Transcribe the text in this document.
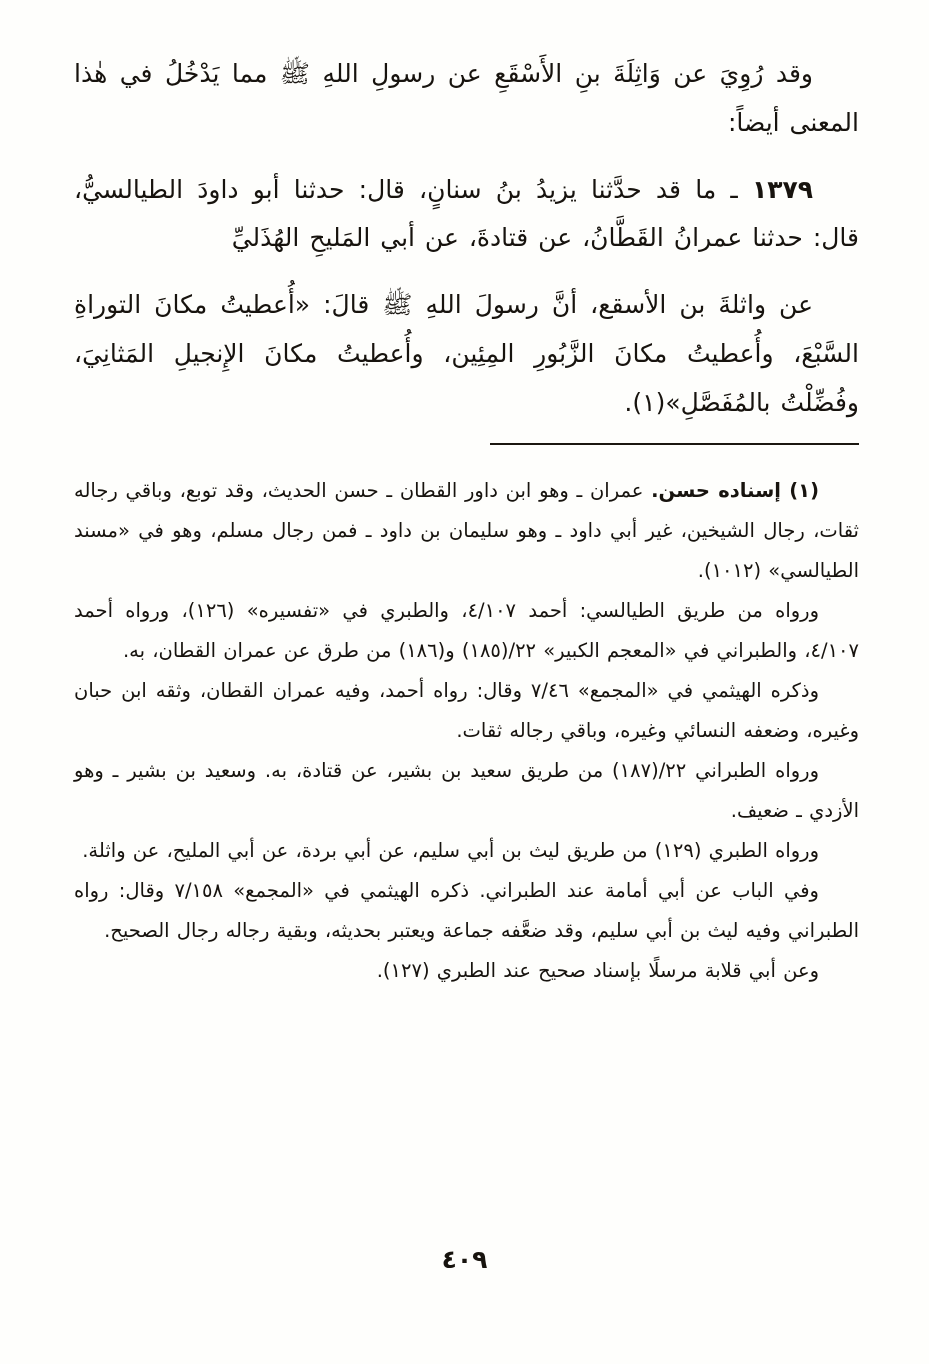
وقد رُوِيَ عن وَاثِلَةَ بنِ الأَسْقَعِ عن رسولِ اللهِ ﷺ مما يَدْخُلُ في هٰذا المعنى أيضاً:

١٣٧٩ ـ ما قد حدَّثنا يزيدُ بنُ سنانٍ، قال: حدثنا أبو داودَ الطيالسيُّ، قال: حدثنا عمرانُ القَطَّانُ، عن قتادةَ، عن أبي المَليحِ الهُذَليِّ

عن واثلةَ بن الأسقع، أنَّ رسولَ اللهِ ﷺ قالَ: «أُعطيتُ مكانَ التوراةِ السَّبْعَ، وأُعطيتُ مكانَ الزَّبُورِ المِئِين، وأُعطيتُ مكانَ الإِنجيلِ المَثانِيَ، وفُضِّلْتُ بالمُفَصَّلِ»(١).

(١) إسناده حسن. عمران ـ وهو ابن داور القطان ـ حسن الحديث، وقد توبع، وباقي رجاله ثقات، رجال الشيخين، غير أبي داود ـ وهو سليمان بن داود ـ فمن رجال مسلم، وهو في «مسند الطيالسي» (١٠١٢).

ورواه من طريق الطيالسي: أحمد ٤/١٠٧، والطبري في «تفسيره» (١٢٦)، ورواه أحمد ٤/١٠٧، والطبراني في «المعجم الكبير» ٢٢/(١٨٥) و(١٨٦) من طرق عن عمران القطان، به.

وذكره الهيثمي في «المجمع» ٧/٤٦ وقال: رواه أحمد، وفيه عمران القطان، وثقه ابن حبان وغيره، وضعفه النسائي وغيره، وباقي رجاله ثقات.

ورواه الطبراني ٢٢/(١٨٧) من طريق سعيد بن بشير، عن قتادة، به. وسعيد بن بشير ـ وهو الأزدي ـ ضعيف.

ورواه الطبري (١٢٩) من طريق ليث بن أبي سليم، عن أبي بردة، عن أبي المليح، عن واثلة.

وفي الباب عن أبي أمامة عند الطبراني. ذكره الهيثمي في «المجمع» ٧/١٥٨ وقال: رواه الطبراني وفيه ليث بن أبي سليم، وقد ضعَّفه جماعة ويعتبر بحديثه، وبقية رجاله رجال الصحيح.

وعن أبي قلابة مرسلًا بإسناد صحيح عند الطبري (١٢٧).

٤٠٩
